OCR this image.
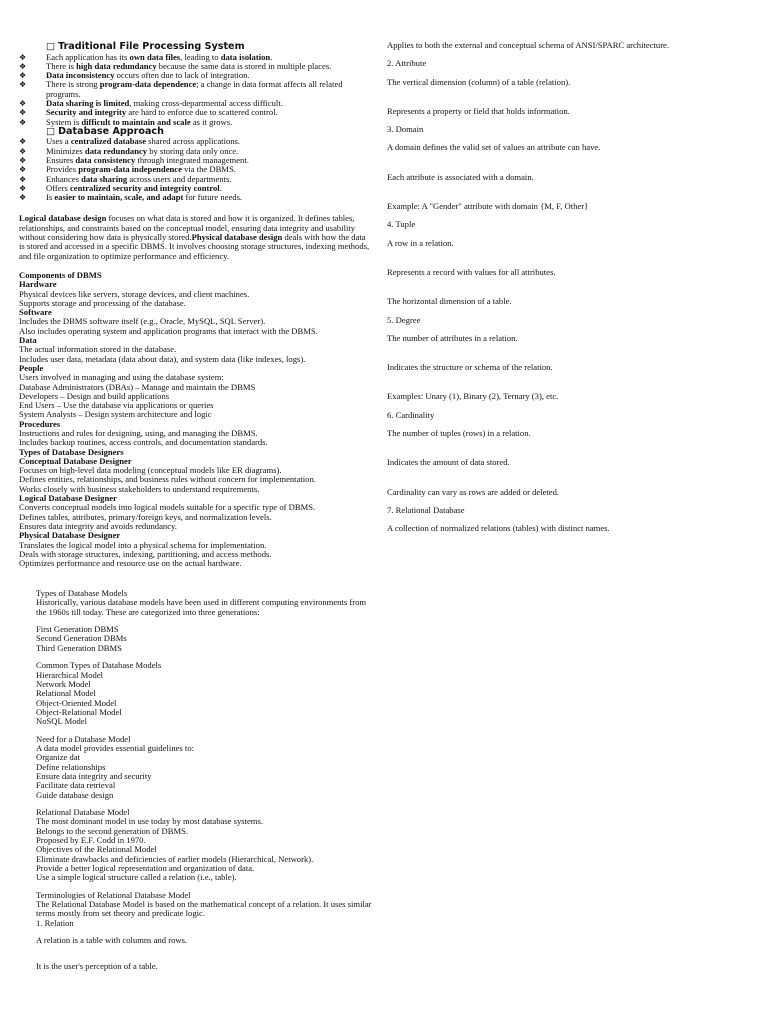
□ Traditional File Processing System
❖	Each application has its own data files, leading to data isolation.
❖	There is high data redundancy because the same data is stored in multiple places.
❖	Data inconsistency occurs often due to lack of integration.
❖	There is strong program-data dependence; a change in data format affects all related programs.
❖	Data sharing is limited, making cross-departmental access difficult.
❖	Security and integrity are hard to enforce due to scattered control.
❖	System is difficult to maintain and scale as it grows.
□ Database Approach
❖	Uses a centralized database shared across applications.
❖	Minimizes data redundancy by storing data only once.
❖	Ensures data consistency through integrated management.
❖	Provides program-data independence via the DBMS.
❖	Enhances data sharing across users and departments.
❖	Offers centralized security and integrity control.
❖	Is easier to maintain, scale, and adapt for future needs.
Logical database design focuses on what data is stored and how it is organized. It defines tables, relationships, and constraints based on the conceptual model, ensuring data integrity and usability without considering how data is physically stored.Physical database design deals with how the data is stored and accessed in a specific DBMS. It involves choosing storage structures, indexing methods, and file organization to optimize performance and efficiency.
Components of DBMS
Hardware
Physical devices like servers, storage devices, and client machines.
Supports storage and processing of the database.
Software
Includes the DBMS software itself (e.g., Oracle, MySQL, SQL Server).
Also includes operating system and application programs that interact with the DBMS.
Data
The actual information stored in the database.
Includes user data, metadata (data about data), and system data (like indexes, logs).
People
Users involved in managing and using the database system:
Database Administrators (DBAs) – Manage and maintain the DBMS
Developers – Design and build applications
End Users – Use the database via applications or queries
System Analysts – Design system architecture and logic
Procedures
Instructions and rules for designing, using, and managing the DBMS.
Includes backup routines, access controls, and documentation standards.
Types of Database Designers
Conceptual Database Designer
Focuses on high-level data modeling (conceptual models like ER diagrams).
Defines entities, relationships, and business rules without concern for implementation.
Works closely with business stakeholders to understand requirements.
Logical Database Designer
Converts conceptual models into logical models suitable for a specific type of DBMS.
Defines tables, attributes, primary/foreign keys, and normalization levels.
Ensures data integrity and avoids redundancy.
Physical Database Designer
Translates the logical model into a physical schema for implementation.
Deals with storage structures, indexing, partitioning, and access methods.
Optimizes performance and resource use on the actual hardware.
Types of Database Models
Historically, various database models have been used in different computing environments from the 1960s till today. These are categorized into three generations:
First Generation DBMS
Second Generation DBMs
Third Generation DBMS
Common Types of Database Models
Hierarchical Model
Network Model
Relational Model
Object-Oriented Model
Object-Relational Model
NoSQL Model
Need for a Database Model
A data model provides essential guidelines to:
Organize dat
Define relationships
Ensure data integrity and security
Facilitate data retrieval
Guide database design
Relational Database Model
The most dominant model in use today by most database systems.
Belongs to the second generation of DBMS.
Proposed by E.F. Codd in 1970.
Objectives of the Relational Model
Eliminate drawbacks and deficiencies of earlier models (Hierarchical, Network).
Provide a better logical representation and organization of data.
Use a simple logical structure called a relation (i.e., table).
Terminologies of Relational Database Model
The Relational Database Model is based on the mathematical concept of a relation. It uses similar terms mostly from set theory and predicate logic.
1. Relation
A relation is a table with columns and rows.
It is the user's perception of a table.
Applies to both the external and conceptual schema of ANSI/SPARC architecture.
2. Attribute
The vertical dimension (column) of a table (relation).
Represents a property or field that holds information.
3. Domain
A domain defines the valid set of values an attribute can have.
Each attribute is associated with a domain.
Example: A "Gender" attribute with domain {M, F, Other}
4. Tuple
A row in a relation.
Represents a record with values for all attributes.
The horizontal dimension of a table.
5. Degree
The number of attributes in a relation.
Indicates the structure or schema of the relation.
Examples: Unary (1), Binary (2), Ternary (3), etc.
6. Cardinality
The number of tuples (rows) in a relation.
Indicates the amount of data stored.
Cardinality can vary as rows are added or deleted.
7. Relational Database
A collection of normalized relations (tables) with distinct names.
